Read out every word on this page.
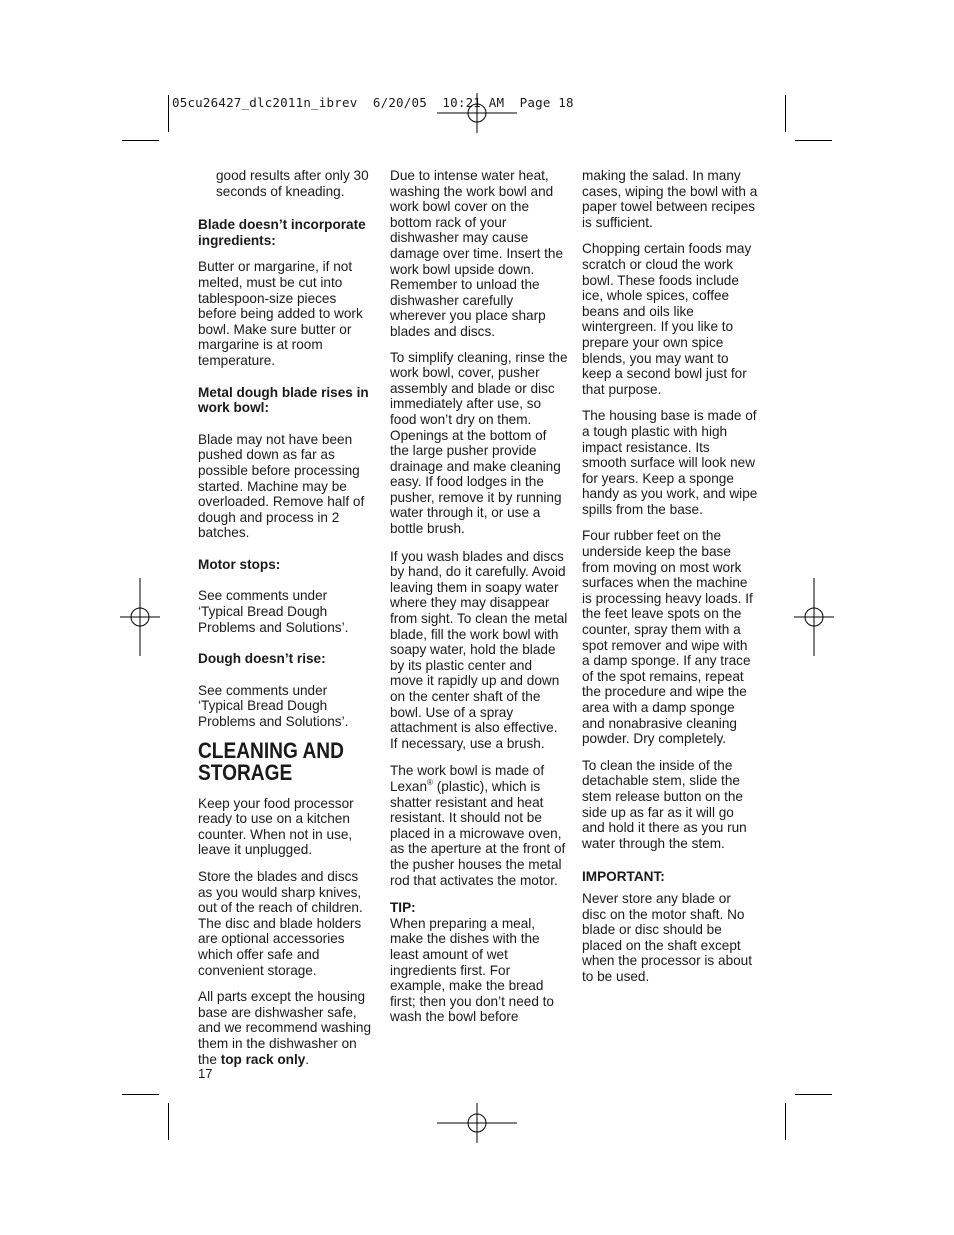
05cu26427_dlc2011n_ibrev  6/20/05  10:21 AM  Page 18

good results after only 30 seconds of kneading.

Blade doesn’t incorporate ingredients:

Butter or margarine, if not melted, must be cut into tablespoon-size pieces before being added to work bowl. Make sure butter or margarine is at room temperature.

Metal dough blade rises in work bowl:

Blade may not have been pushed down as far as possible before processing started. Machine may be overloaded. Remove half of dough and process in 2 batches.

Motor stops:

See comments under ‘Typical Bread Dough Problems and Solutions’.

Dough doesn’t rise:

See comments under ‘Typical Bread Dough Problems and Solutions’.

CLEANING AND STORAGE

Keep your food processor ready to use on a kitchen counter. When not in use, leave it unplugged.

Store the blades and discs as you would sharp knives, out of the reach of children. The disc and blade holders are optional accessories which offer safe and convenient storage.

All parts except the housing base are dishwasher safe, and we recommend washing them in the dishwasher on the top rack only.

Due to intense water heat, washing the work bowl and work bowl cover on the bottom rack of your dishwasher may cause damage over time. Insert the work bowl upside down. Remember to unload the dishwasher carefully wherever you place sharp blades and discs.

To simplify cleaning, rinse the work bowl, cover, pusher assembly and blade or disc immediately after use, so food won’t dry on them. Openings at the bottom of the large pusher provide drainage and make cleaning easy. If food lodges in the pusher, remove it by running water through it, or use a bottle brush.

If you wash blades and discs by hand, do it carefully. Avoid leaving them in soapy water where they may disappear from sight. To clean the metal blade, fill the work bowl with soapy water, hold the blade by its plastic center and move it rapidly up and down on the center shaft of the bowl. Use of a spray attachment is also effective. If necessary, use a brush.

The work bowl is made of Lexan® (plastic), which is shatter resistant and heat resistant. It should not be placed in a microwave oven, as the aperture at the front of the pusher houses the metal rod that activates the motor.

TIP:

When preparing a meal, make the dishes with the least amount of wet ingredients first. For example, make the bread first; then you don’t need to wash the bowl before

making the salad. In many cases, wiping the bowl with a paper towel between recipes is sufficient.

Chopping certain foods may scratch or cloud the work bowl. These foods include ice, whole spices, coffee beans and oils like wintergreen. If you like to prepare your own spice blends, you may want to keep a second bowl just for that purpose.

The housing base is made of a tough plastic with high impact resistance. Its smooth surface will look new for years. Keep a sponge handy as you work, and wipe spills from the base.

Four rubber feet on the underside keep the base from moving on most work surfaces when the machine is processing heavy loads. If the feet leave spots on the counter, spray them with a spot remover and wipe with a damp sponge. If any trace of the spot remains, repeat the procedure and wipe the area with a damp sponge and nonabrasive cleaning powder. Dry completely.

To clean the inside of the detachable stem, slide the stem release button on the side up as far as it will go and hold it there as you run water through the stem.

IMPORTANT:

Never store any blade or disc on the motor shaft. No blade or disc should be placed on the shaft except when the processor is about to be used.

17
